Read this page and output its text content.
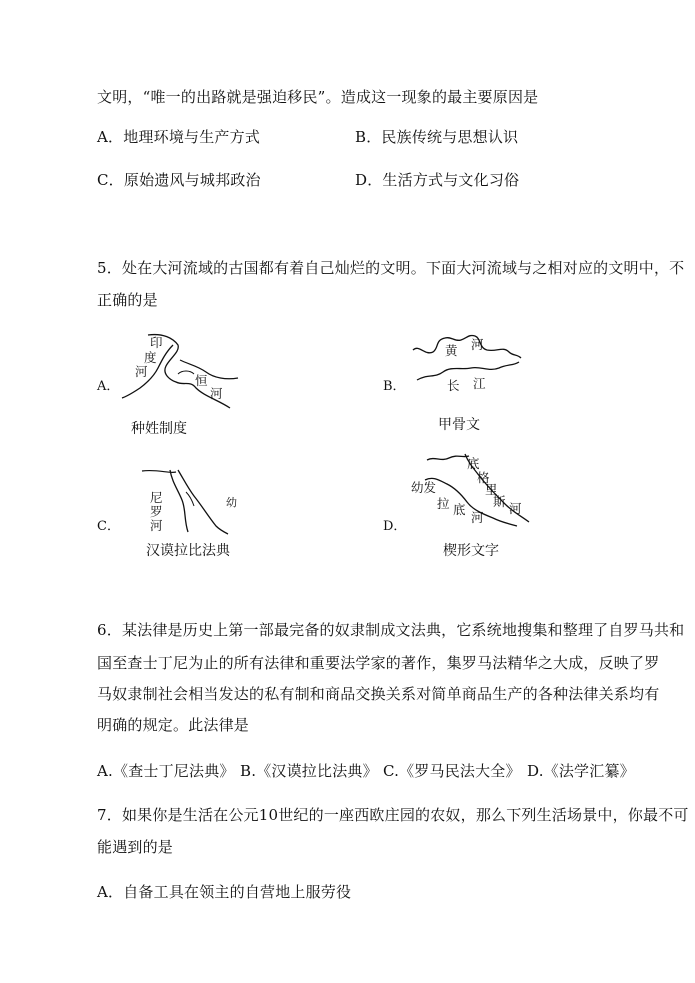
文明，“唯一的出路就是强迫移民”。造成这一现象的最主要原因是
A．地理环境与生产方式	B．民族传统与思想认识
C．原始遗风与城邦政治	D．生活方式与文化习俗
5．处在大河流域的古国都有着自己灿烂的文明。下面大河流域与之相对应的文明中，不
正确的是
A．
印
度
河
恒
河
种姓制度
B．
黄 河
长 江
甲骨文
C．
尼
罗
河
幼
汉谟拉比法典
D．
底
格
里
斯 河
幼发
拉 底
河
楔形文字
6．某法律是历史上第一部最完备的奴隶制成文法典，它系统地搜集和整理了自罗马共和
国至查士丁尼为止的所有法律和重要法学家的著作，集罗马法精华之大成，反映了罗
马奴隶制社会相当发达的私有制和商品交换关系对简单商品生产的各种法律关系均有
明确的规定。此法律是
A.《查士丁尼法典》 B.《汉谟拉比法典》 C.《罗马民法大全》 D.《法学汇纂》
7．如果你是生活在公元10世纪的一座西欧庄园的农奴，那么下列生活场景中，你最不可
能遇到的是
A．自备工具在领主的自营地上服劳役
